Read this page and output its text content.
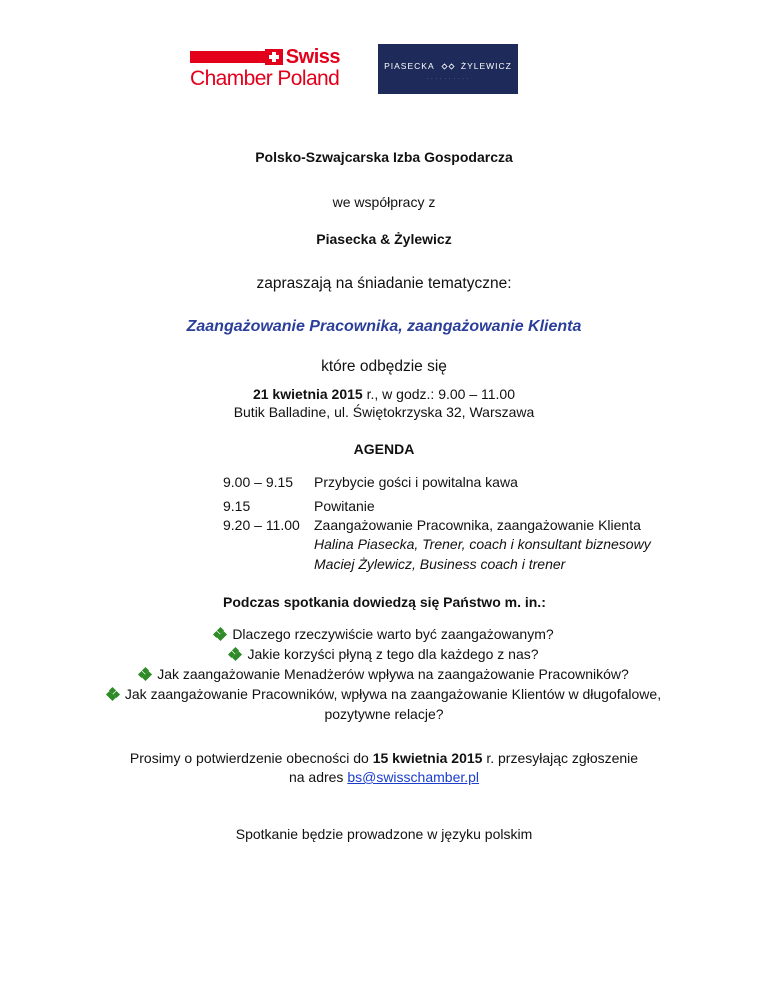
Swiss
Chamber Poland
PIASECKA	ŻYLEWICZ
· · · · · · · · · ·
Polsko-Szwajcarska Izba Gospodarcza
we współpracy z
Piasecka & Żylewicz
zapraszają na śniadanie tematyczne:
Zaangażowanie Pracownika, zaangażowanie Klienta
które odbędzie się
21 kwietnia 2015 r., w godz.: 9.00 – 11.00
Butik Balladine, ul. Świętokrzyska 32, Warszawa
AGENDA
9.00 – 9.15 Przybycie gości i powitalna kawa
9.15	Powitanie
9.20 – 11.00 Zaangażowanie Pracownika, zaangażowanie Klienta
Halina Piasecka, Trener, coach i konsultant biznesowy
Maciej Żylewicz, Business coach i trener
Podczas spotkania dowiedzą się Państwo m. in.:
Dlaczego rzeczywiście warto być zaangażowanym?
Jakie korzyści płyną z tego dla każdego z nas?
Jak zaangażowanie Menadżerów wpływa na zaangażowanie Pracowników?
Jak zaangażowanie Pracowników, wpływa na zaangażowanie Klientów w długofalowe,
pozytywne relacje?
Prosimy o potwierdzenie obecności do 15 kwietnia 2015 r. przesyłając zgłoszenie
na adres bs@swisschamber.pl
Spotkanie będzie prowadzone w języku polskim
